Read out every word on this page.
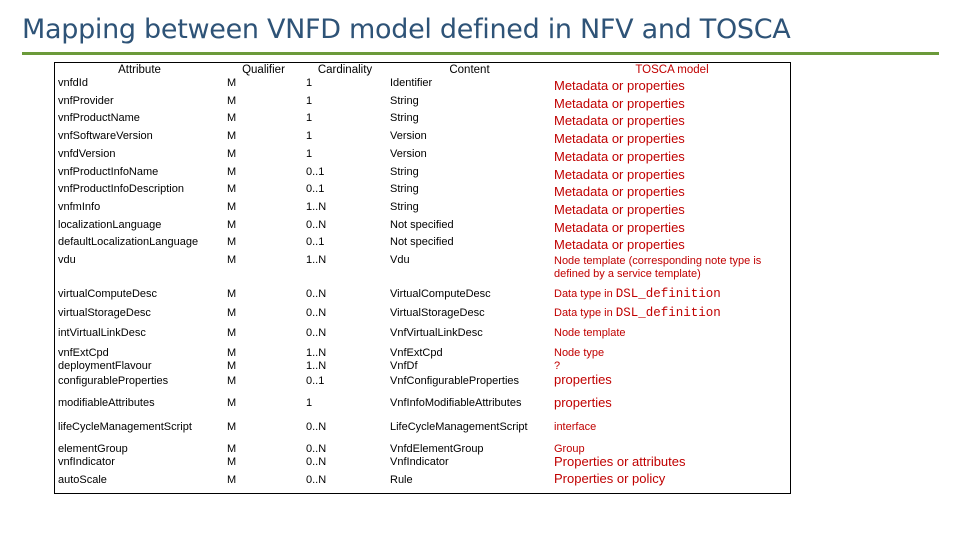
Mapping between VNFD model defined in NFV and TOSCA
Attribute	Qualifier	Cardinality	Content	TOSCA model
vnfdId	M	1	Identifier	Metadata or properties
vnfProvider	M	1	String	Metadata or properties
vnfProductName	M	1	String	Metadata or properties
vnfSoftwareVersion	M	1	Version	Metadata or properties
vnfdVersion	M	1	Version	Metadata or properties
vnfProductInfoName	M	0..1	String	Metadata or properties
vnfProductInfoDescription	M	0..1	String	Metadata or properties
vnfmInfo	M	1..N	String	Metadata or properties
localizationLanguage	M	0..N	Not specified	Metadata or properties
defaultLocalizationLanguage	M	0..1	Not specified	Metadata or properties
vdu	M	1..N	Vdu	Node template (corresponding note type is defined by a service template)
virtualComputeDesc	M	0..N	VirtualComputeDesc	Data type in DSL_definition
virtualStorageDesc	M	0..N	VirtualStorageDesc	Data type in DSL_definition
intVirtualLinkDesc	M	0..N	VnfVirtualLinkDesc	Node template
vnfExtCpd	M	1..N	VnfExtCpd	Node type
deploymentFlavour	M	1..N	VnfDf	?
configurableProperties	M	0..1	VnfConfigurableProperties	properties
modifiableAttributes	M	1	VnfInfoModifiableAttributes	properties
lifeCycleManagementScript	M	0..N	LifeCycleManagementScript	interface
elementGroup	M	0..N	VnfdElementGroup	Group
vnfIndicator	M	0..N	VnfIndicator	Properties or attributes
autoScale	M	0..N	Rule	Properties or policy
